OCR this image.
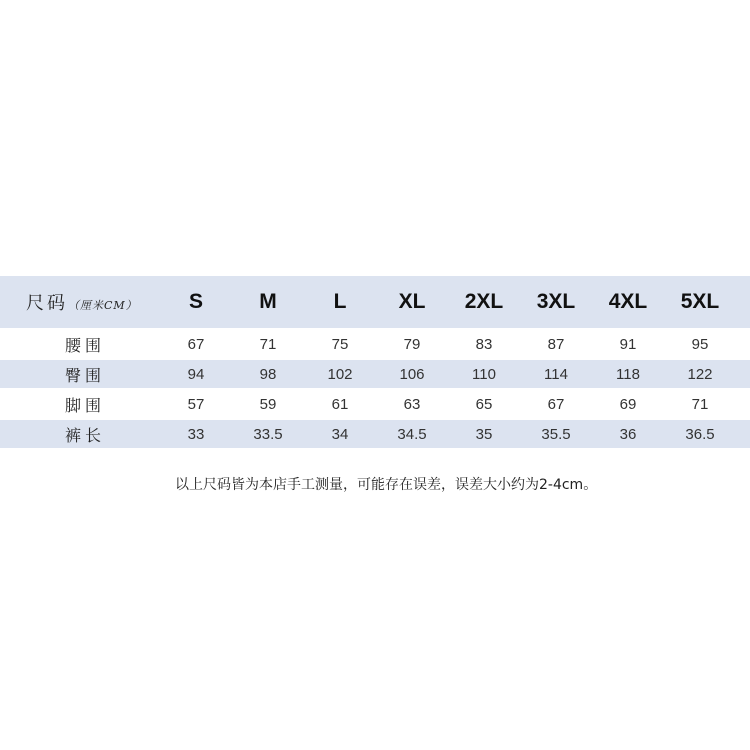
尺码（厘米CM）	S	M	L	XL	2XL	3XL	4XL	5XL
腰围	67	71	75	79	83	87	91	95
臀围	94	98	102	106	110	114	118	122
脚围	57	59	61	63	65	67	69	71
裤长	33	33.5	34	34.5	35	35.5	36	36.5
以上尺码皆为本店手工测量，可能存在误差，误差大小约为2-4cm。
